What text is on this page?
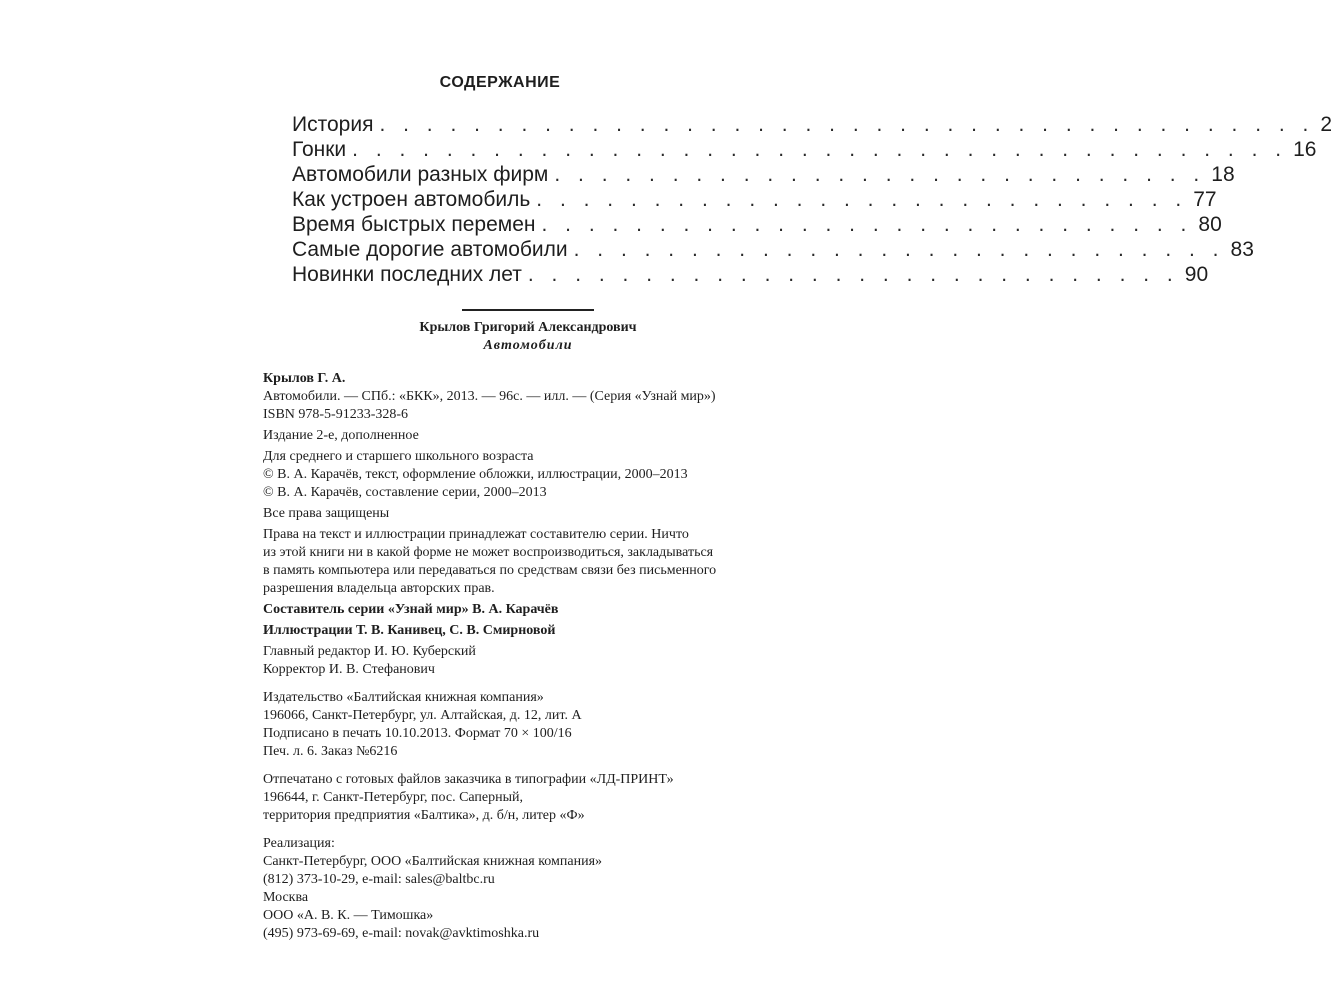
СОДЕРЖАНИЕ
История . . . . . . . . . . . . . . . . . . . . . . . . . . . . . . . . . . . . . . . . 2
Гонки . . . . . . . . . . . . . . . . . . . . . . . . . . . . . . . . . . . . . . . . 16
Автомобили разных фирм . . . . . . . . . . . . . . . . . . . . . . . . . . . . 18
Как устроен автомобиль . . . . . . . . . . . . . . . . . . . . . . . . . . . . 77
Время быстрых перемен . . . . . . . . . . . . . . . . . . . . . . . . . . . . 80
Самые дорогие автомобили . . . . . . . . . . . . . . . . . . . . . . . . . . . . 83
Новинки последних лет . . . . . . . . . . . . . . . . . . . . . . . . . . . . 90
Крылов Григорий Александрович
Автомобили
Крылов Г. А.
Автомобили. — СПб.: «БКК», 2013. — 96с. — илл. — (Серия «Узнай мир»)
ISBN 978-5-91233-328-6
Издание 2-е, дополненное
Для среднего и старшего школьного возраста
© В. А. Карачёв, текст, оформление обложки, иллюстрации, 2000–2013
© В. А. Карачёв, составление серии, 2000–2013
Все права защищены
Права на текст и иллюстрации принадлежат составителю серии. Ничто
из этой книги ни в какой форме не может воспроизводиться, закладываться
в память компьютера или передаваться по средствам связи без письменного
разрешения владельца авторских прав.
Составитель серии «Узнай мир» В. А. Карачёв
Иллюстрации Т. В. Канивец, С. В. Смирновой
Главный редактор И. Ю. Куберский
Корректор И. В. Стефанович
Издательство «Балтийская книжная компания»
196066, Санкт-Петербург, ул. Алтайская, д. 12, лит. А
Подписано в печать 10.10.2013. Формат 70 × 100/16
Печ. л. 6. Заказ №6216
Отпечатано с готовых файлов заказчика в типографии «ЛД-ПРИНТ»
196644, г. Санкт-Петербург, пос. Саперный,
территория предприятия «Балтика», д. б/н, литер «Ф»
Реализация:
Санкт-Петербург, ООО «Балтийская книжная компания»
(812) 373-10-29, e-mail: sales@baltbc.ru
Москва
ООО «А. В. К. — Тимошка»
(495) 973-69-69, e-mail: novak@avktimoshka.ru
